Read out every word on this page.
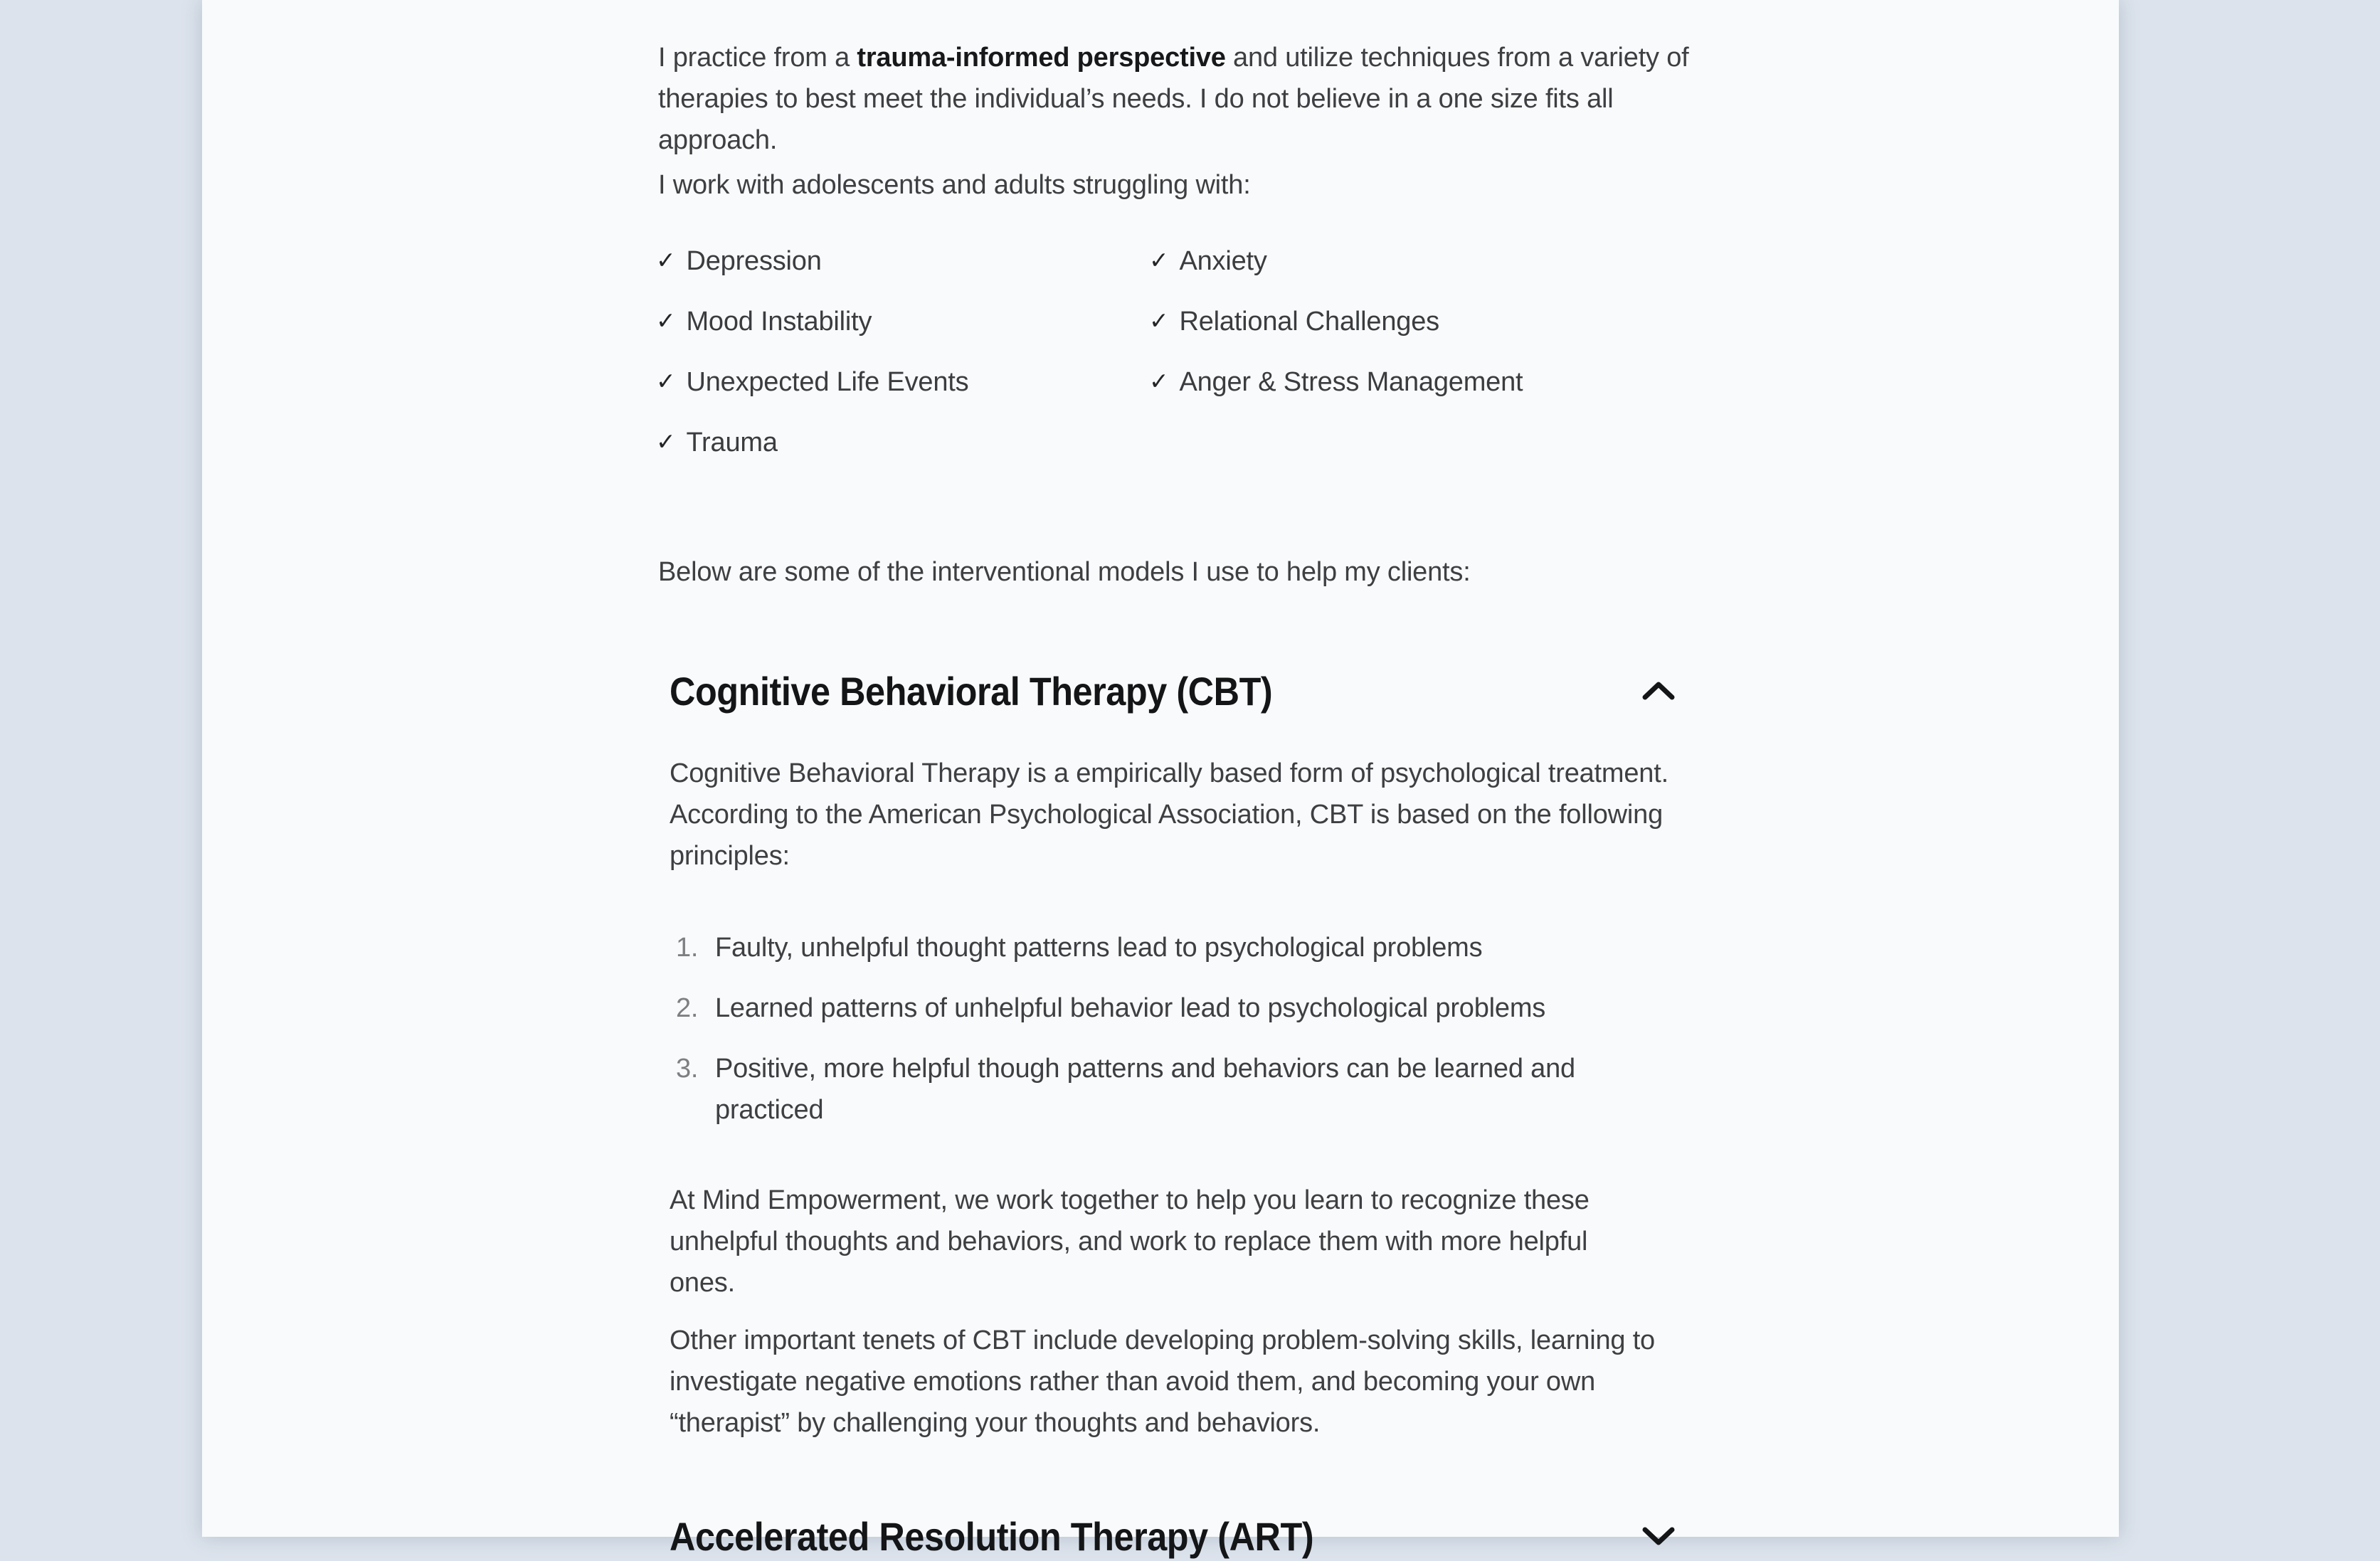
I practice from a trauma-informed perspective and utilize techniques from a variety of therapies to best meet the individual’s needs. I do not believe in a one size fits all approach.

I work with adolescents and adults struggling with:

✓ Depression	✓ Anxiety
✓ Mood Instability	✓ Relational Challenges
✓ Unexpected Life Events	✓ Anger & Stress Management
✓ Trauma

Below are some of the interventional models I use to help my clients:

Cognitive Behavioral Therapy (CBT)

Cognitive Behavioral Therapy is a empirically based form of psychological treatment. According to the American Psychological Association, CBT is based on the following principles:

1. Faulty, unhelpful thought patterns lead to psychological problems
2. Learned patterns of unhelpful behavior lead to psychological problems
3. Positive, more helpful though patterns and behaviors can be learned and practiced

At Mind Empowerment, we work together to help you learn to recognize these unhelpful thoughts and behaviors, and work to replace them with more helpful ones.

Other important tenets of CBT include developing problem-solving skills, learning to investigate negative emotions rather than avoid them, and becoming your own “therapist” by challenging your thoughts and behaviors.

Accelerated Resolution Therapy (ART)
